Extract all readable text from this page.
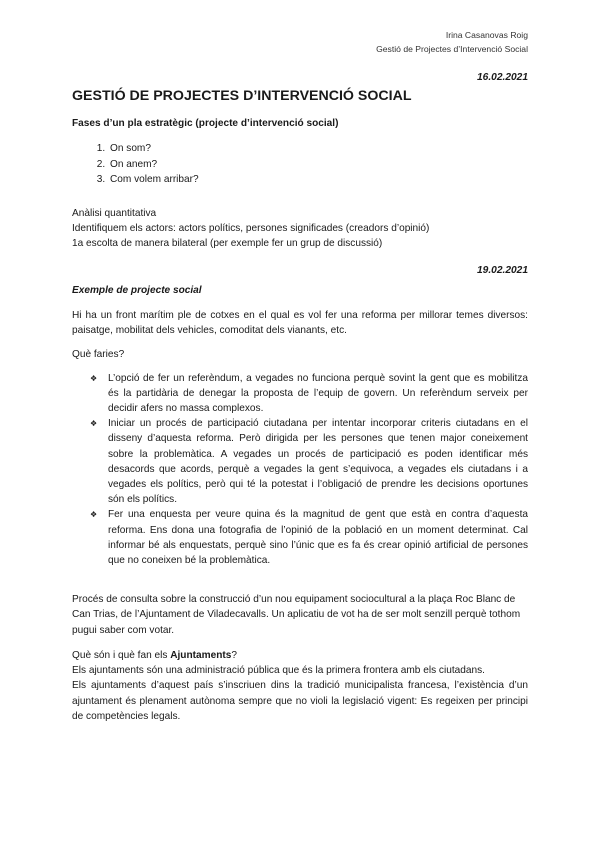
Irina Casanovas Roig
Gestió de Projectes d’Intervenció Social
16.02.2021
GESTIÓ DE PROJECTES D’INTERVENCIÓ SOCIAL
Fases d’un pla estratègic (projecte d’intervenció social)
1. On som?
2. On anem?
3. Com volem arribar?

Anàlisi quantitativa

Identifiquem els actors: actors polítics, persones significades (creadors d’opinió)

1a escolta de manera bilateral (per exemple fer un grup de discussió)

19.02.2021
Exemple de projecte social

Hi ha un front marítim ple de cotxes en el qual es vol fer una reforma per millorar temes diversos: paisatge, mobilitat dels vehicles, comoditat dels vianants, etc.

Què faries?

❖ L’opció de fer un referèndum, a vegades no funciona perquè sovint la gent que es mobilitza és la partidària de denegar la proposta de l’equip de govern. Un referèndum serveix per decidir afers no massa complexos.
❖ Iniciar un procés de participació ciutadana per intentar incorporar criteris ciutadans en el disseny d’aquesta reforma. Però dirigida per les persones que tenen major coneixement sobre la problemàtica. A vegades un procés de participació es poden identificar més desacords que acords, perquè a vegades la gent s’equivoca, a vegades els ciutadans i a vegades els polítics, però qui té la potestat i l’obligació de prendre les decisions oportunes són els polítics.
❖ Fer una enquesta per veure quina és la magnitud de gent que està en contra d’aquesta reforma. Ens dona una fotografia de l’opinió de la població en un moment determinat. Cal informar bé als enquestats, perquè sino l’únic que es fa és crear opinió artificial de persones que no coneixen bé la problemàtica.

Procés de consulta sobre la construcció d’un nou equipament sociocultural a la plaça Roc Blanc de Can Trias, de l’Ajuntament de Viladecavalls. Un aplicatiu de vot ha de ser molt senzill perquè tothom pugui saber com votar.

Què són i què fan els Ajuntaments?

Els ajuntaments són una administració pública que és la primera frontera amb els ciutadans.

Els ajuntaments d’aquest país s’inscriuen dins la tradició municipalista francesa, l’existència d’un ajuntament és plenament autònoma sempre que no violi la legislació vigent: Es regeixen per principi de competències legals.
